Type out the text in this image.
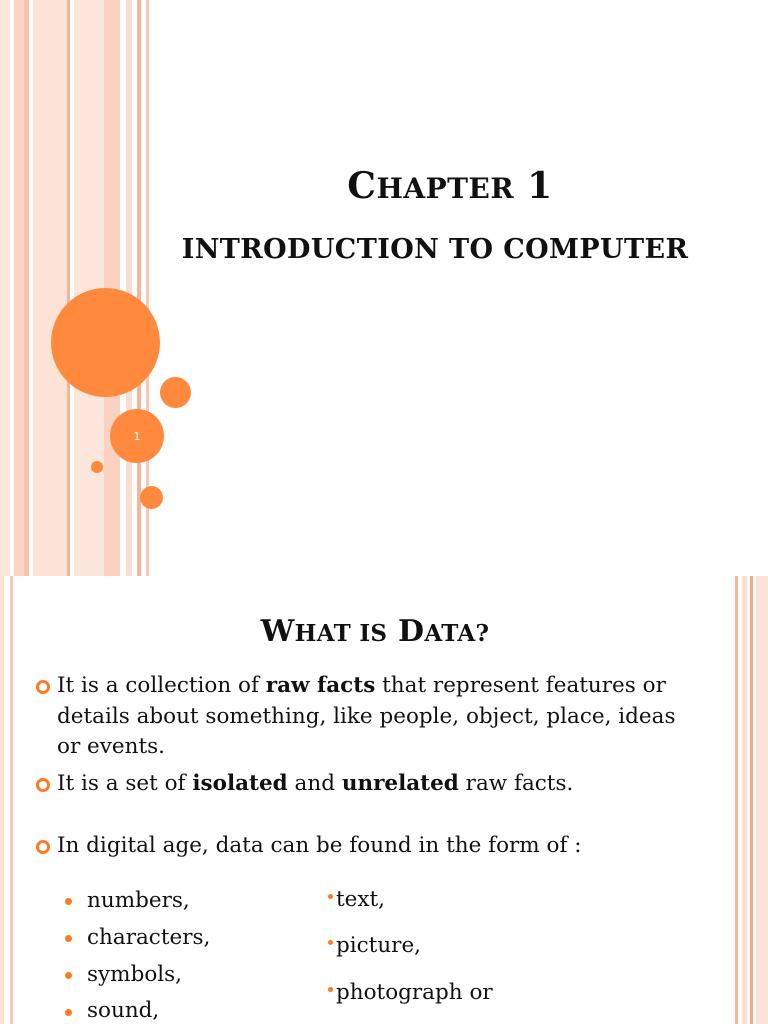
1
CHAPTER 1
INTRODUCTION TO COMPUTER
WHAT IS DATA?
It is a collection of raw facts that represent features or
details about something, like people, object, place, ideas
or events.
It is a set of isolated and unrelated raw facts.
In digital age, data can be found in the form of :
numbers,
characters,
symbols,
sound,
text,
picture,
photograph or
